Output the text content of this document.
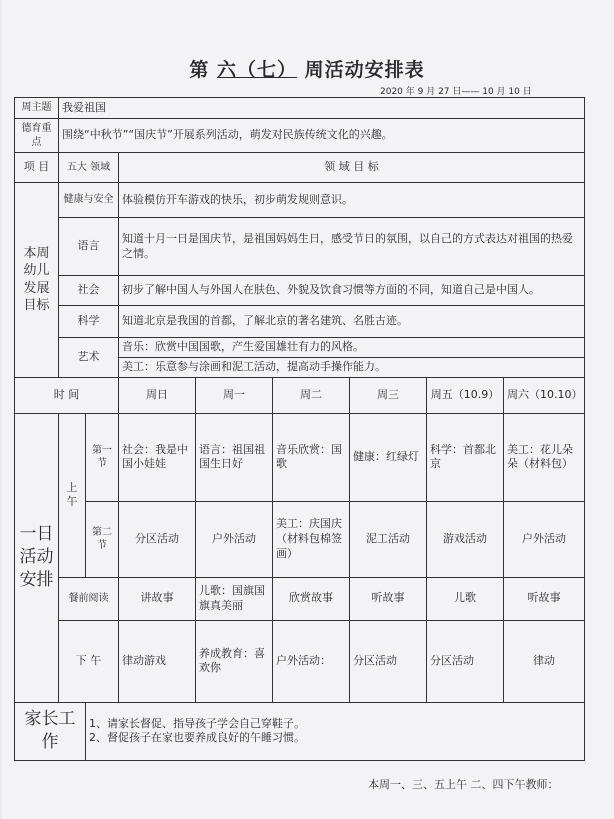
第 六（七） 周活动安排表
2020 年 9 月 27 日—— 10 月 10 日
周主题	我爱祖国							
德育重点	围绕“中秋节”“国庆节”开展系列活动，萌发对民族传统文化的兴趣。							
项 目	五大 领域		领 域 目 标					
本周幼儿发展目标	健康与安全		体验模仿开车游戏的快乐，初步萌发规则意识。					
	语言		知道十月一日是国庆节，是祖国妈妈生日，感受节日的氛围，以自己的方式表达对祖国的热爱之情。					
	社会		初步了解中国人与外国人在肤色、外貌及饮食习惯等方面的不同，知道自己是中国人。					
	科学		知道北京是我国的首都，了解北京的著名建筑、名胜古迹。					
	艺术		音乐：欣赏中国国歌，产生爱国雄壮有力的风格。					
			美工：乐意参与涂画和泥工活动，提高动手操作能力。					
时 间			周日	周一	周二	周三	周五（10.9）	周六（10.10）
一日活动安排	上午	第一节	社会：我是中国小娃娃	语言：祖国祖国生日好	音乐欣赏：国歌	健康：红绿灯	科学：首都北京	美工：花儿朵朵（材料包）
		第二节	分区活动	户外活动	美工：庆国庆（材料包棉签画）	泥工活动	游戏活动	户外活动
	餐前阅读		讲故事	儿歌：国旗国旗真美丽	欣赏故事	听故事	儿歌	听故事
	下 午		律动游戏	养成教育：喜欢你	户外活动：	分区活动	分区活动	律动
家长工作		1、请家长督促、指导孩子学会自己穿鞋子。
2、督促孩子在家也要养成良好的午睡习惯。						
本周一、三、五上午 二、四下午教师：
